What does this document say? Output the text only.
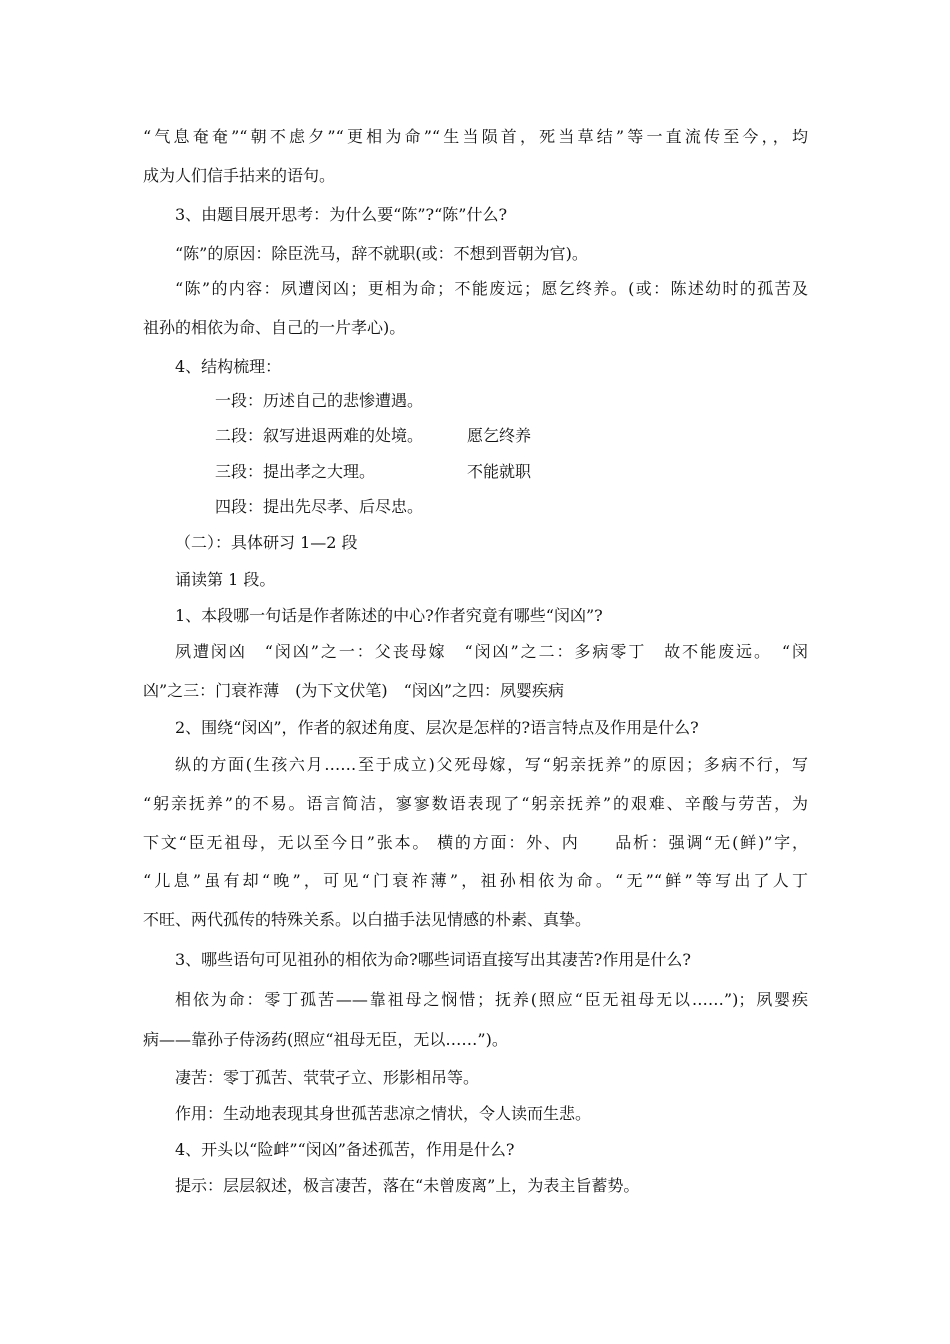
“气息奄奄”“朝不虑夕”“更相为命”“生当陨首，死当草结”等一直流传至今，，均
成为人们信手拈来的语句。
3、由题目展开思考：为什么要“陈”?“陈”什么?
“陈”的原因：除臣洗马，辞不就职(或：不想到晋朝为官)。
“陈”的内容：夙遭闵凶；更相为命；不能废远；愿乞终养。(或：陈述幼时的孤苦及
祖孙的相依为命、自己的一片孝心)。
4、结构梳理：
一段：历述自己的悲惨遭遇。
二段：叙写进退两难的处境。	愿乞终养
三段：提出孝之大理。	不能就职
四段：提出先尽孝、后尽忠。
（二）：具体研习 1—2 段
诵读第 1 段。
1、本段哪一句话是作者陈述的中心?作者究竟有哪些“闵凶”?
夙遭闵凶　“闵凶”之一：父丧母嫁　“闵凶”之二：多病零丁　故不能废远。　“闵
凶”之三：门衰祚薄　(为下文伏笔)　“闵凶”之四：夙婴疾病
2、围绕“闵凶”，作者的叙述角度、层次是怎样的?语言特点及作用是什么?
纵的方面(生孩六月……至于成立)父死母嫁，写“躬亲抚养”的原因；多病不行，写
“躬亲抚养”的不易。语言简洁，寥寥数语表现了“躬亲抚养”的艰难、辛酸与劳苦，为
下文“臣无祖母，无以至今日”张本。 横的方面：外、内　　品析：强调“无(鲜)”字，
“儿息”虽有却“晚”，可见“门衰祚薄”，祖孙相依为命。“无”“鲜”等写出了人丁
不旺、两代孤传的特殊关系。以白描手法见情感的朴素、真挚。
3、哪些语句可见祖孙的相依为命?哪些词语直接写出其凄苦?作用是什么?
相依为命：零丁孤苦——靠祖母之悯惜；抚养(照应“臣无祖母无以……”)；夙婴疾
病——靠孙子侍汤药(照应“祖母无臣，无以……”)。
凄苦：零丁孤苦、茕茕孑立、形影相吊等。
作用：生动地表现其身世孤苦悲凉之情状，令人读而生悲。
4、开头以“险衅”“闵凶”备述孤苦，作用是什么?
提示：层层叙述，极言凄苦，落在“未曾废离”上，为表主旨蓄势。
